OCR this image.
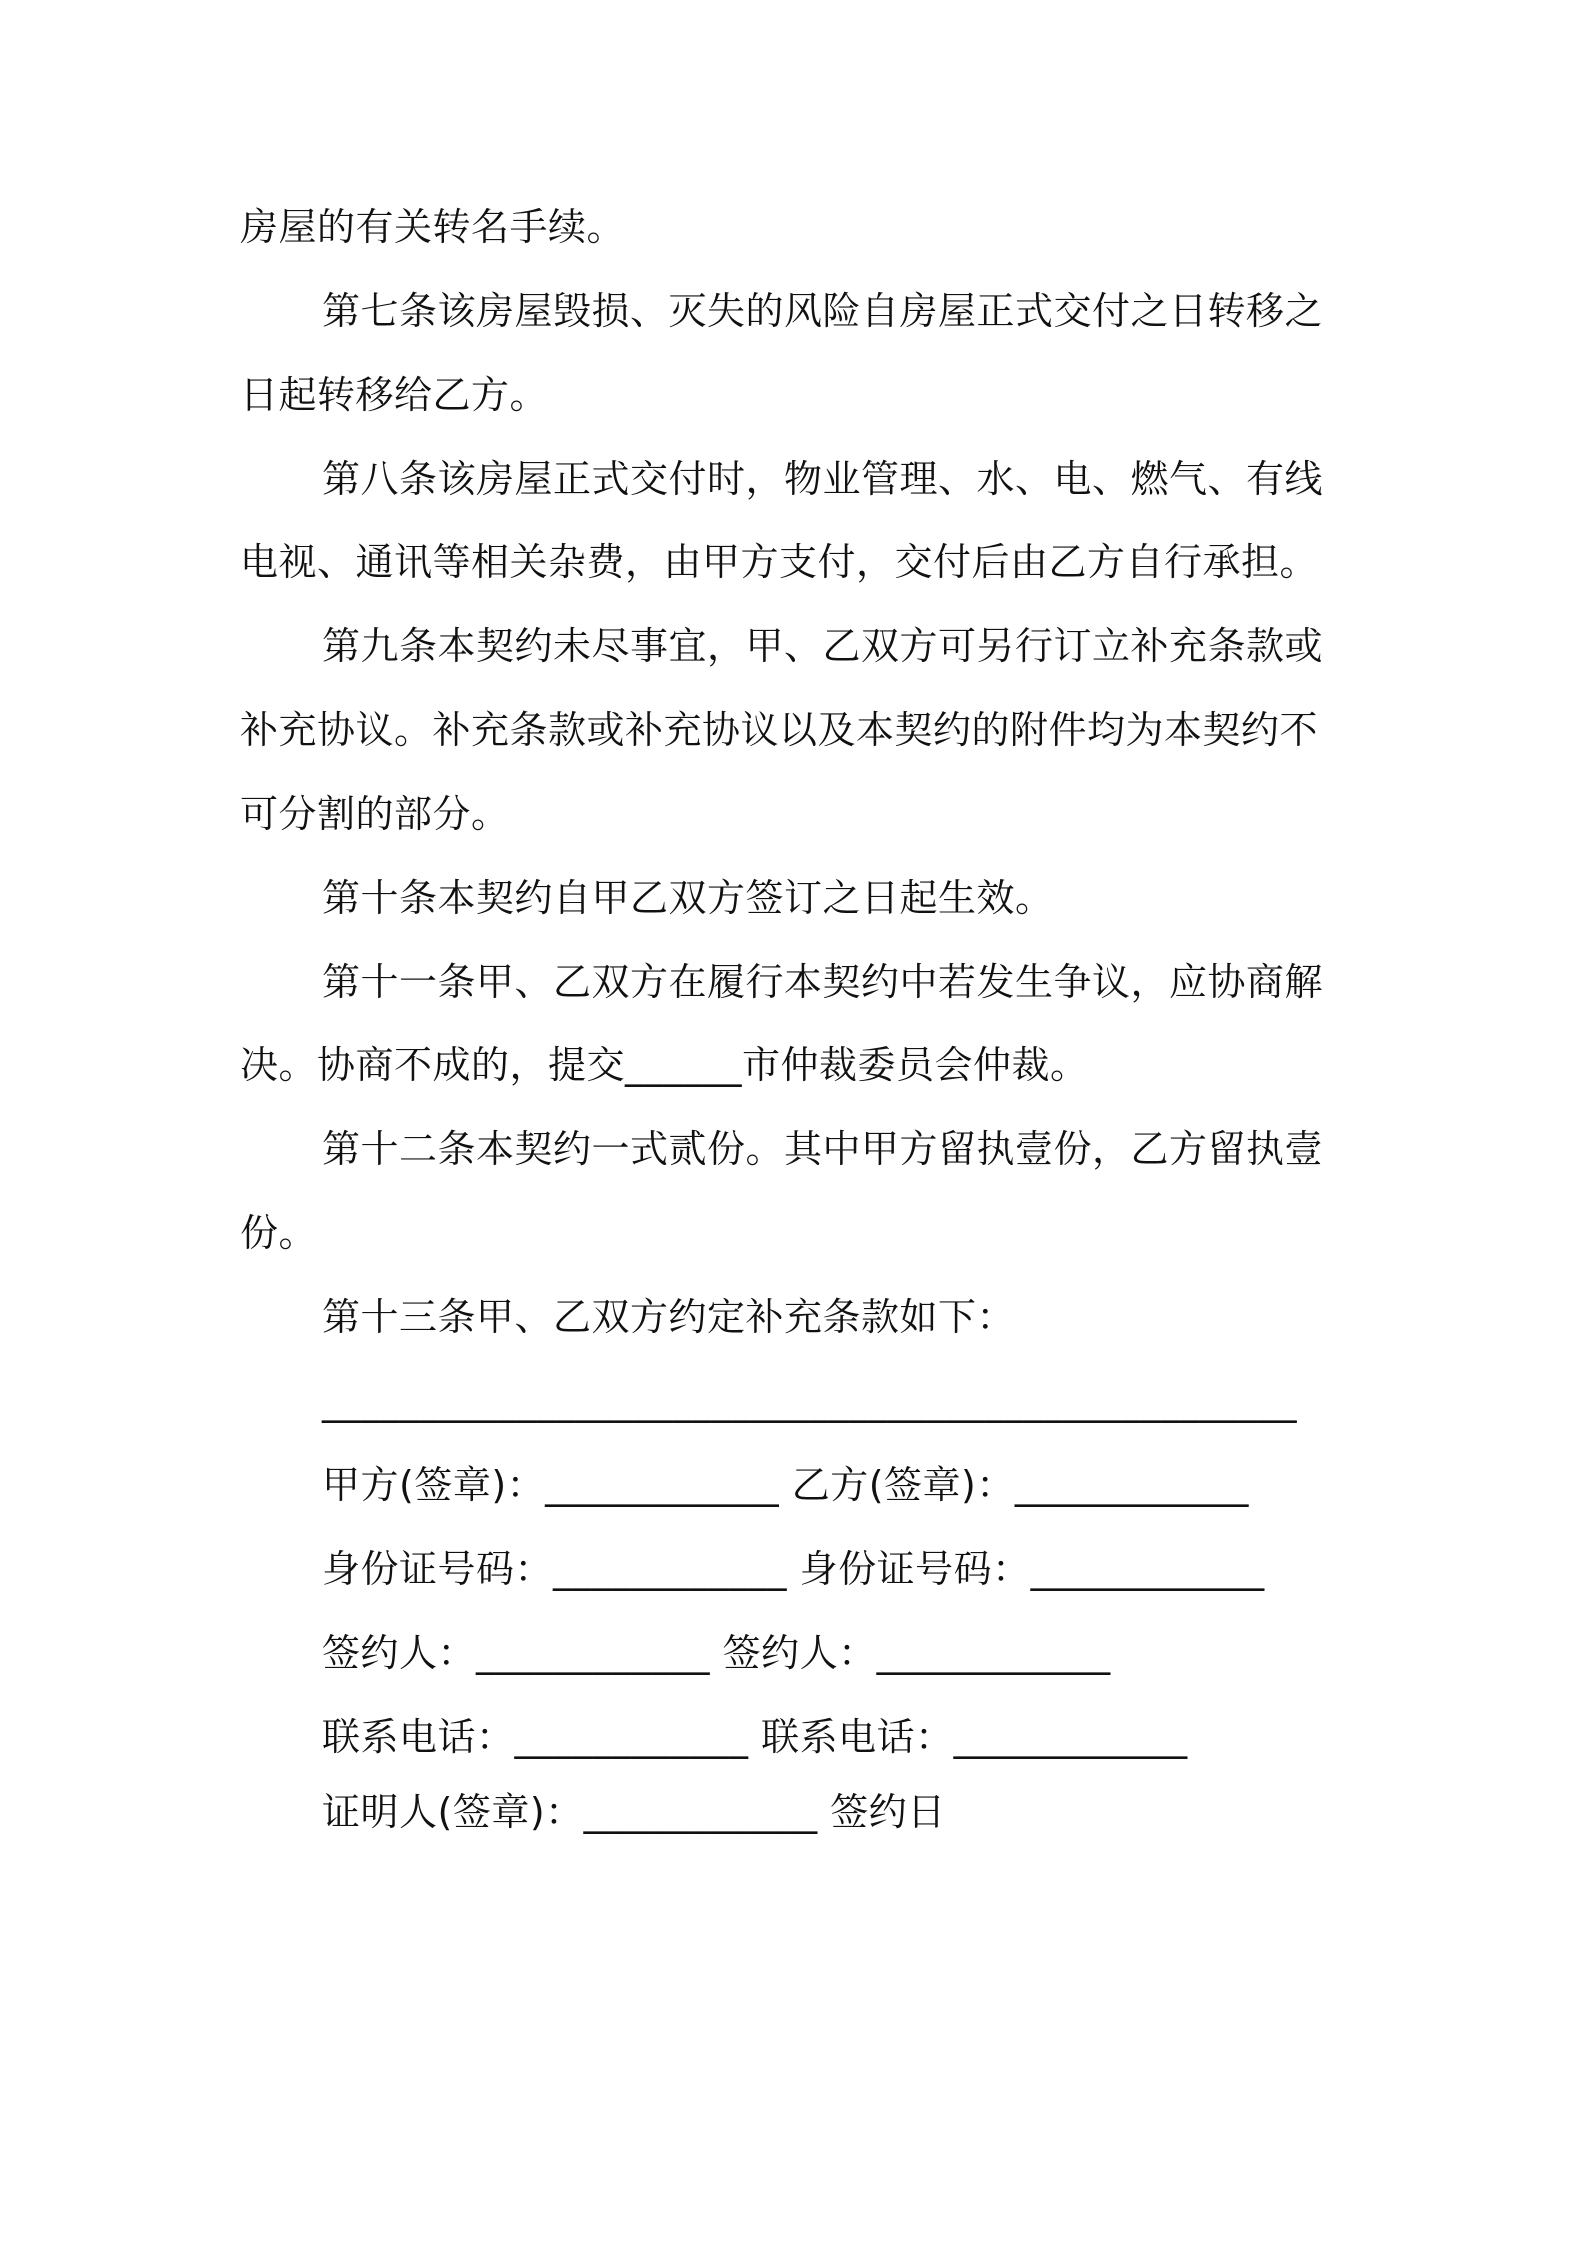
房屋的有关转名手续。
第七条该房屋毁损、灭失的风险自房屋正式交付之日转移之
日起转移给乙方。
第八条该房屋正式交付时，物业管理、水、电、燃气、有线
电视、通讯等相关杂费，由甲方支付，交付后由乙方自行承担。
第九条本契约未尽事宜，甲、乙双方可另行订立补充条款或
补充协议。补充条款或补充协议以及本契约的附件均为本契约不
可分割的部分。
第十条本契约自甲乙双方签订之日起生效。
第十一条甲、乙双方在履行本契约中若发生争议，应协商解
决。协商不成的，提交______市仲裁委员会仲裁。
第十二条本契约一式贰份。其中甲方留执壹份，乙方留执壹
份。
第十三条甲、乙双方约定补充条款如下：
__________________________________________________
甲方(签章)：____________ 乙方(签章)：____________
身份证号码：____________ 身份证号码：____________
签约人：____________ 签约人：____________
联系电话：____________ 联系电话：____________
证明人(签章)：____________ 签约日
